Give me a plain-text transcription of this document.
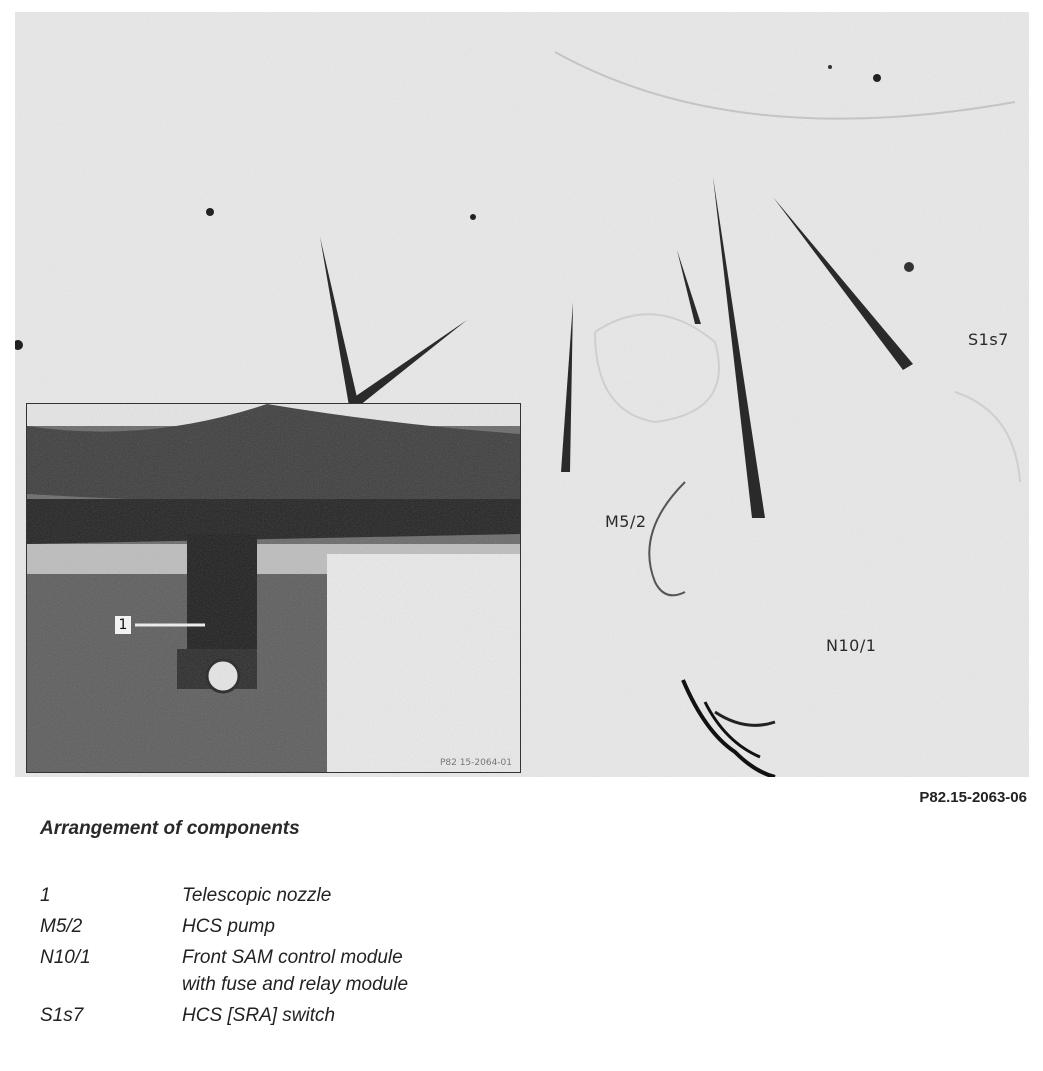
S1s7
M5/2
N10/1
1
P82 15-2064-01
P82.15-2063-06
Arrangement of components
1	Telescopic nozzle
M5/2	HCS pump
N10/1	Front SAM control module
with fuse and relay module
S1s7	HCS [SRA] switch
